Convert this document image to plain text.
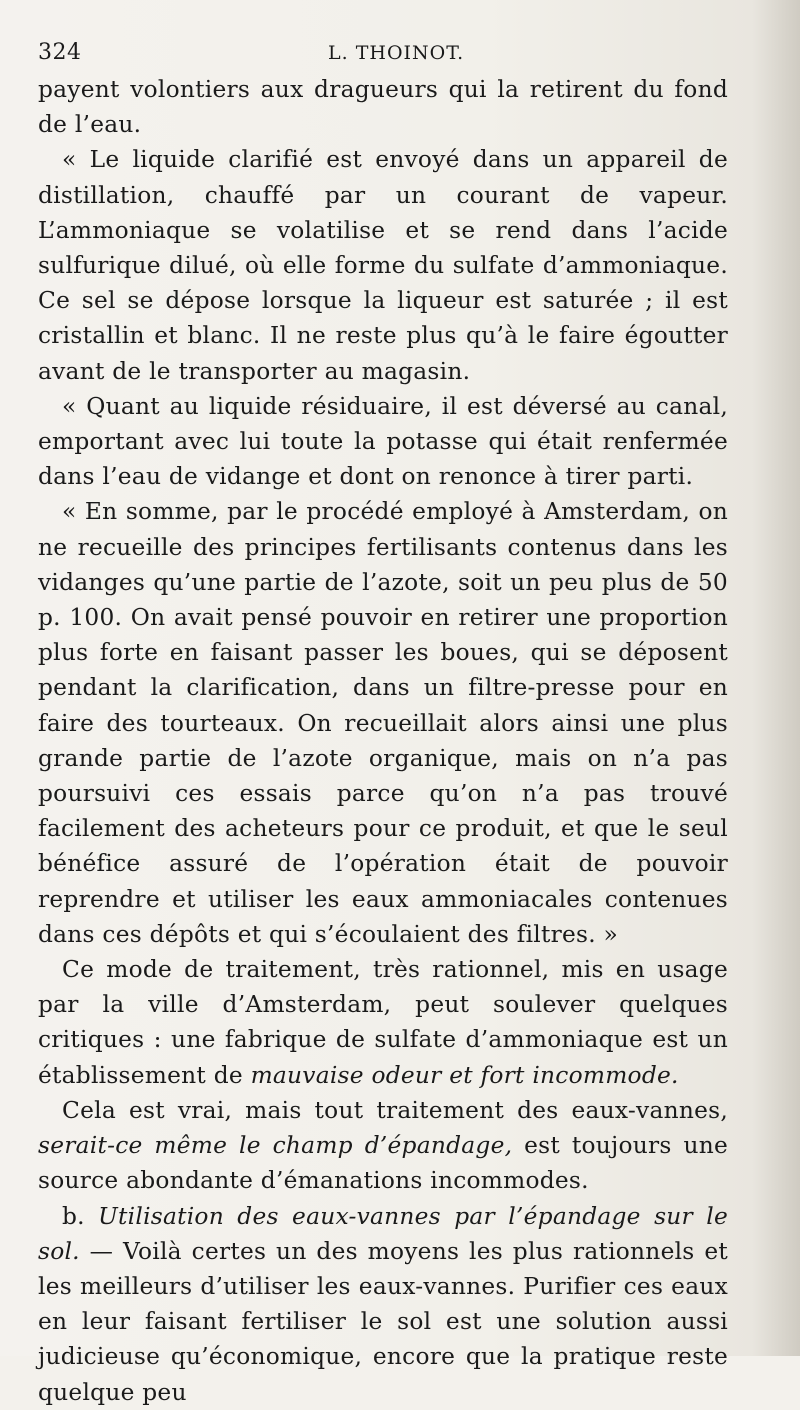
324	L. THOINOT.

payent volontiers aux dragueurs qui la retirent du fond de l’eau.

« Le liquide clarifié est envoyé dans un appareil de distillation, chauffé par un courant de vapeur. L’ammoniaque se volatilise et se rend dans l’acide sulfurique dilué, où elle forme du sulfate d’ammoniaque. Ce sel se dépose lorsque la liqueur est saturée ; il est cristallin et blanc. Il ne reste plus qu’à le faire égoutter avant de le transporter au magasin.

« Quant au liquide résiduaire, il est déversé au canal, emportant avec lui toute la potasse qui était renfermée dans l’eau de vidange et dont on renonce à tirer parti.

« En somme, par le procédé employé à Amsterdam, on ne recueille des principes fertilisants contenus dans les vidanges qu’une partie de l’azote, soit un peu plus de 50 p. 100. On avait pensé pouvoir en retirer une proportion plus forte en faisant passer les boues, qui se déposent pendant la clarification, dans un filtre-presse pour en faire des tourteaux. On recueillait alors ainsi une plus grande partie de l’azote organique, mais on n’a pas poursuivi ces essais parce qu’on n’a pas trouvé facilement des acheteurs pour ce produit, et que le seul bénéfice assuré de l’opération était de pouvoir reprendre et utiliser les eaux ammoniacales contenues dans ces dépôts et qui s’écoulaient des filtres. »

Ce mode de traitement, très rationnel, mis en usage par la ville d’Amsterdam, peut soulever quelques critiques : une fabrique de sulfate d’ammoniaque est un établissement de mauvaise odeur et fort incommode.

Cela est vrai, mais tout traitement des eaux-vannes, serait-ce même le champ d’épandage, est toujours une source abondante d’émanations incommodes.

b. Utilisation des eaux-vannes par l’épandage sur le sol. — Voilà certes un des moyens les plus rationnels et les meilleurs d’utiliser les eaux-vannes. Purifier ces eaux en leur faisant fertiliser le sol est une solution aussi judicieuse qu’économique, encore que la pratique reste quelque peu
